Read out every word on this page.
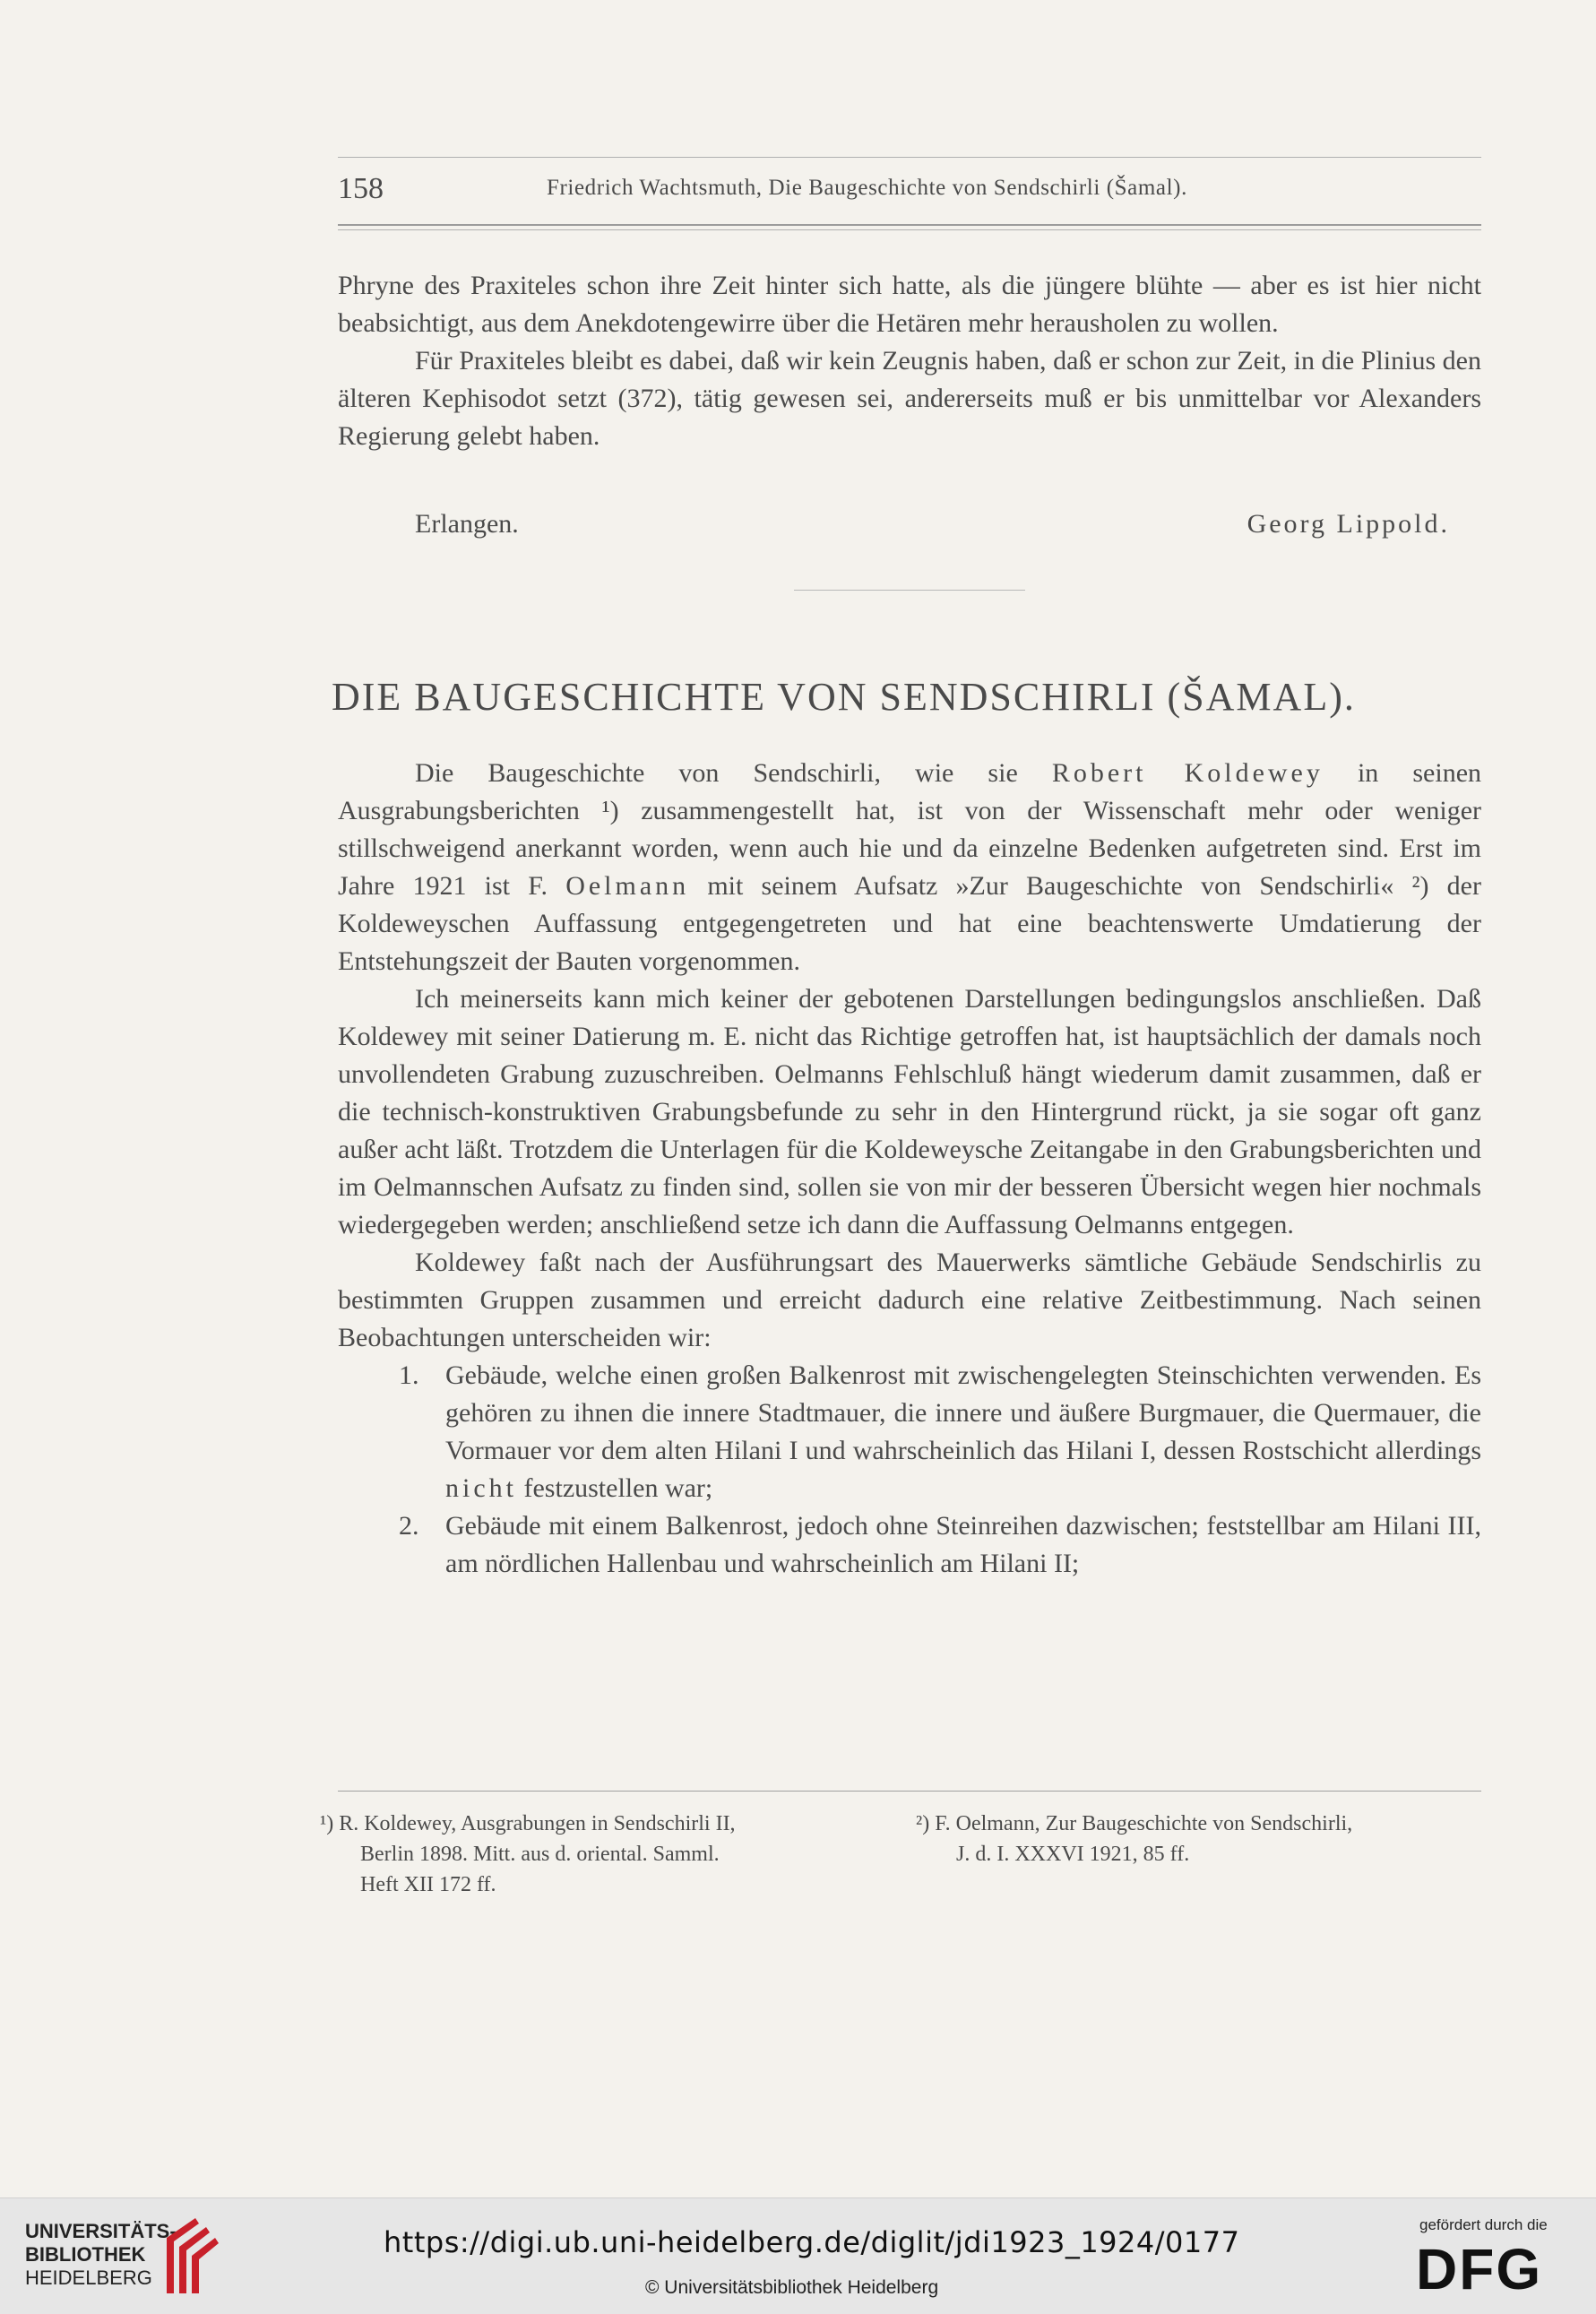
158	Friedrich Wachtsmuth, Die Baugeschichte von Sendschirli (Šamal).

Phryne des Praxiteles schon ihre Zeit hinter sich hatte, als die jüngere blühte — aber es ist hier nicht beabsichtigt, aus dem Anekdotengewirre über die Hetären mehr herausholen zu wollen.

Für Praxiteles bleibt es dabei, daß wir kein Zeugnis haben, daß er schon zur Zeit, in die Plinius den älteren Kephisodot setzt (372), tätig gewesen sei, andererseits muß er bis unmittelbar vor Alexanders Regierung gelebt haben.

Erlangen.	Georg Lippold.
DIE BAUGESCHICHTE VON SENDSCHIRLI (ŠAMAL).

Die Baugeschichte von Sendschirli, wie sie Robert Koldewey in seinen Ausgrabungsberichten ¹) zusammengestellt hat, ist von der Wissenschaft mehr oder weniger stillschweigend anerkannt worden, wenn auch hie und da einzelne Bedenken aufgetreten sind. Erst im Jahre 1921 ist F. Oelmann mit seinem Aufsatz »Zur Baugeschichte von Sendschirli« ²) der Koldeweyschen Auffassung entgegengetreten und hat eine beachtenswerte Umdatierung der Entstehungszeit der Bauten vorgenommen.

Ich meinerseits kann mich keiner der gebotenen Darstellungen bedingungslos anschließen. Daß Koldewey mit seiner Datierung m. E. nicht das Richtige getroffen hat, ist hauptsächlich der damals noch unvollendeten Grabung zuzuschreiben. Oelmanns Fehlschluß hängt wiederum damit zusammen, daß er die technisch-konstruktiven Grabungsbefunde zu sehr in den Hintergrund rückt, ja sie sogar oft ganz außer acht läßt. Trotzdem die Unterlagen für die Koldeweysche Zeitangabe in den Grabungsberichten und im Oelmannschen Aufsatz zu finden sind, sollen sie von mir der besseren Übersicht wegen hier nochmals wiedergegeben werden; anschließend setze ich dann die Auffassung Oelmanns entgegen.

Koldewey faßt nach der Ausführungsart des Mauerwerks sämtliche Gebäude Sendschirlis zu bestimmten Gruppen zusammen und erreicht dadurch eine relative Zeitbestimmung. Nach seinen Beobachtungen unterscheiden wir:

1. Gebäude, welche einen großen Balkenrost mit zwischengelegten Steinschichten verwenden. Es gehören zu ihnen die innere Stadtmauer, die innere und äußere Burgmauer, die Quermauer, die Vormauer vor dem alten Hilani I und wahrscheinlich das Hilani I, dessen Rostschicht allerdings nicht festzustellen war;
2. Gebäude mit einem Balkenrost, jedoch ohne Steinreihen dazwischen; feststellbar am Hilani III, am nördlichen Hallenbau und wahrscheinlich am Hilani II;
¹) R. Koldewey, Ausgrabungen in Sendschirli II,
Berlin 1898. Mitt. aus d. oriental. Samml.
Heft XII 172 ff.
²) F. Oelmann, Zur Baugeschichte von Sendschirli,
J. d. I. XXXVI 1921, 85 ff.
UNIVERSITÄTS-
BIBLIOTHEK
HEIDELBERG
https://digi.ub.uni-heidelberg.de/diglit/jdi1923_1924/0177
© Universitätsbibliothek Heidelberg
gefördert durch die
DFG
